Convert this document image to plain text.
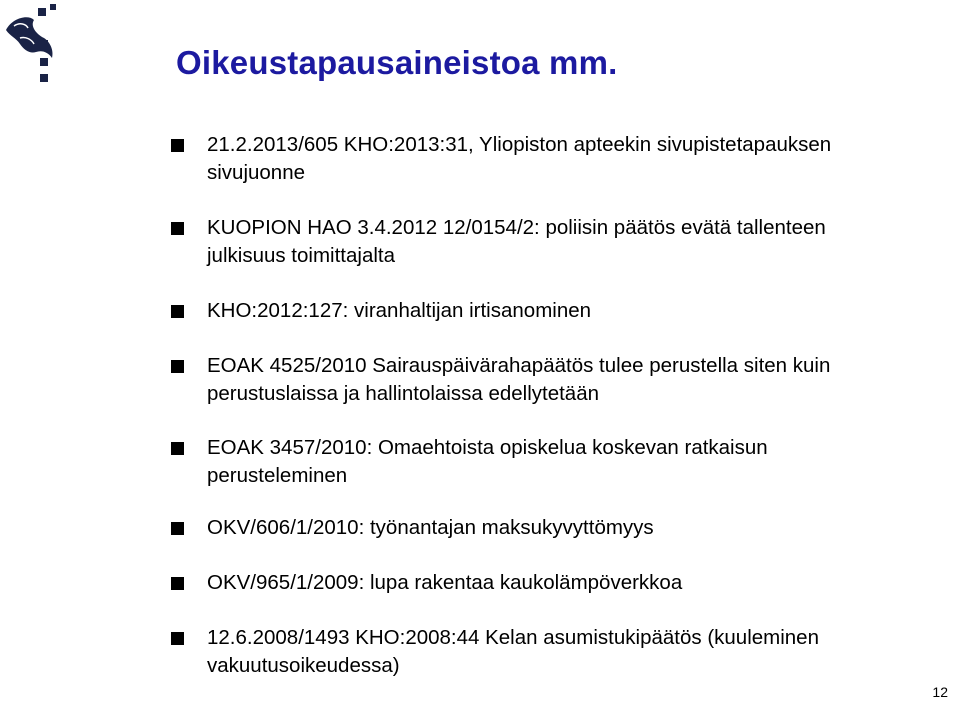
Oikeustapausaineistoa mm.
21.2.2013/605 KHO:2013:31, Yliopiston apteekin sivupistetapauksen sivujuonne
KUOPION HAO 3.4.2012 12/0154/2: poliisin päätös evätä tallenteen julkisuus toimittajalta
KHO:2012:127: viranhaltijan irtisanominen
EOAK 4525/2010 Sairauspäivärahapäätös tulee perustella siten kuin perustuslaissa ja hallintolaissa edellytetään
EOAK 3457/2010: Omaehtoista opiskelua koskevan ratkaisun perusteleminen
OKV/606/1/2010: työnantajan maksukyvyttömyys
OKV/965/1/2009: lupa rakentaa kaukolämpöverkkoa
12.6.2008/1493 KHO:2008:44 Kelan asumistukipäätös (kuuleminen vakuutusoikeudessa)
12
